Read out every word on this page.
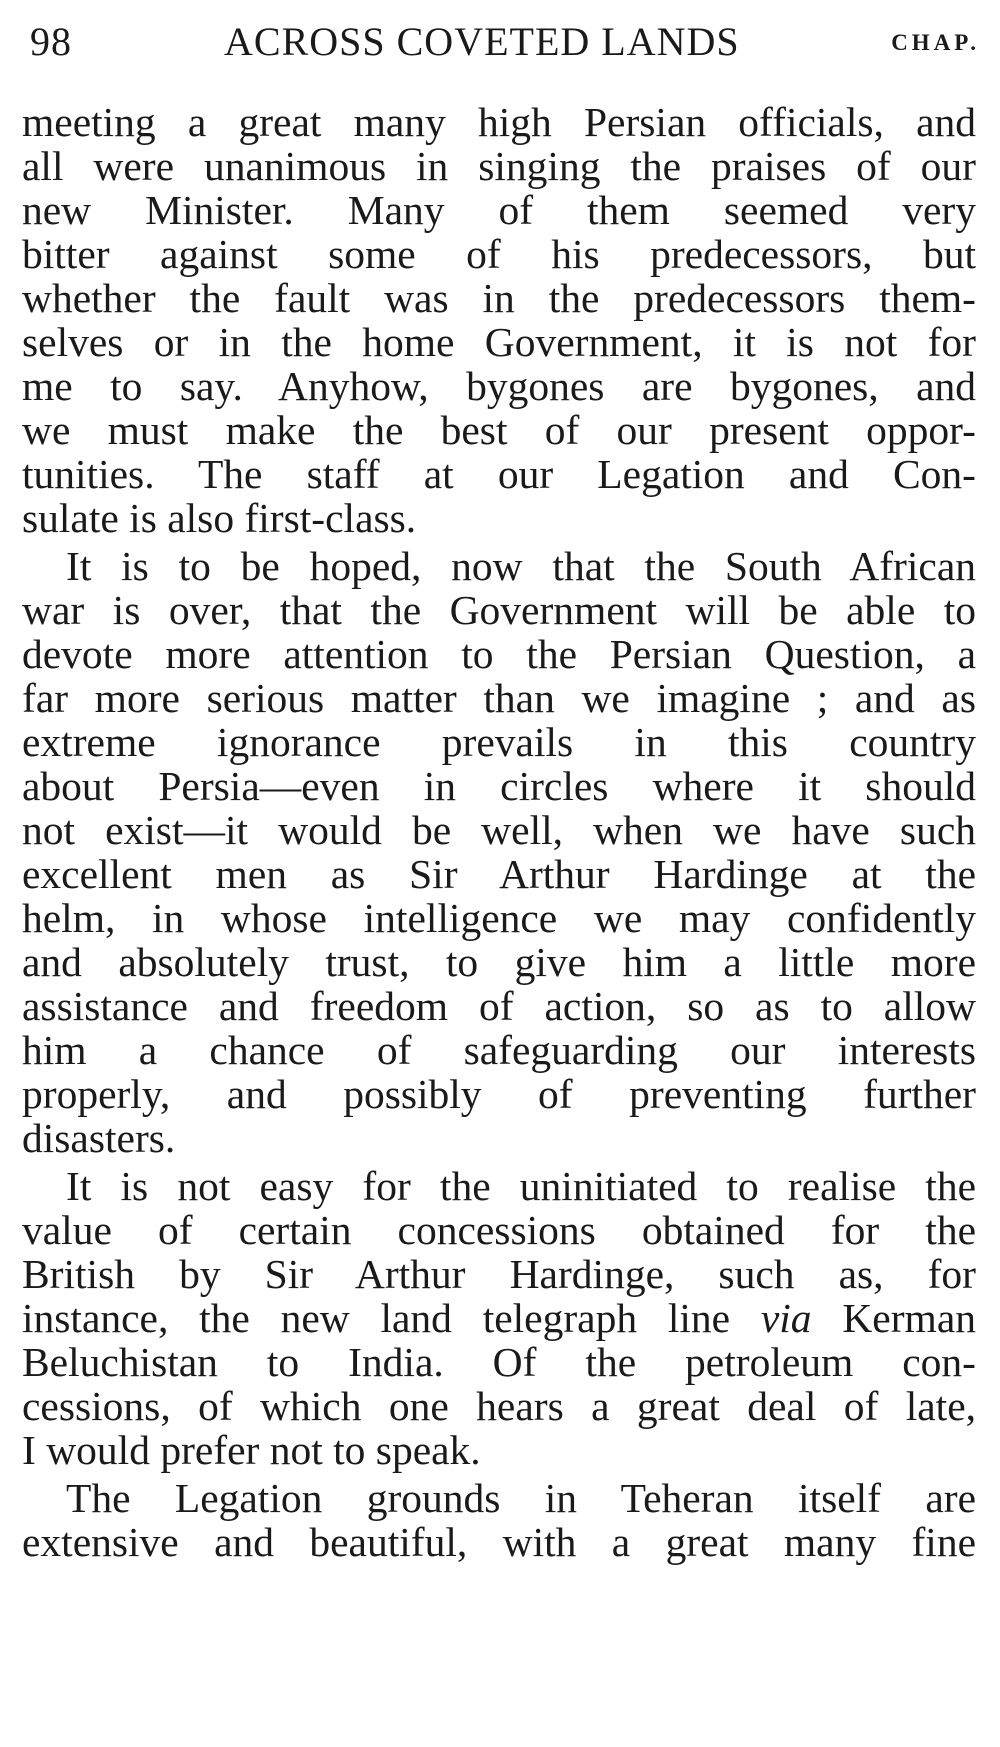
98	ACROSS COVETED LANDS	CHAP.
meeting a great many high Persian officials, and
all were unanimous in singing the praises of our
new Minister. Many of them seemed very
bitter against some of his predecessors, but
whether the fault was in the predecessors them-
selves or in the home Government, it is not for
me to say. Anyhow, bygones are bygones, and
we must make the best of our present oppor-
tunities. The staff at our Legation and Con-
sulate is also first-class.
It is to be hoped, now that the South African
war is over, that the Government will be able to
devote more attention to the Persian Question, a
far more serious matter than we imagine ; and as
extreme ignorance prevails in this country
about Persia—even in circles where it should
not exist—it would be well, when we have such
excellent men as Sir Arthur Hardinge at the
helm, in whose intelligence we may confidently
and absolutely trust, to give him a little more
assistance and freedom of action, so as to allow
him a chance of safeguarding our interests
properly, and possibly of preventing further
disasters.
It is not easy for the uninitiated to realise the
value of certain concessions obtained for the
British by Sir Arthur Hardinge, such as, for
instance, the new land telegraph line via Kerman
Beluchistan to India. Of the petroleum con-
cessions, of which one hears a great deal of late,
I would prefer not to speak.
The Legation grounds in Teheran itself are
extensive and beautiful, with a great many fine
